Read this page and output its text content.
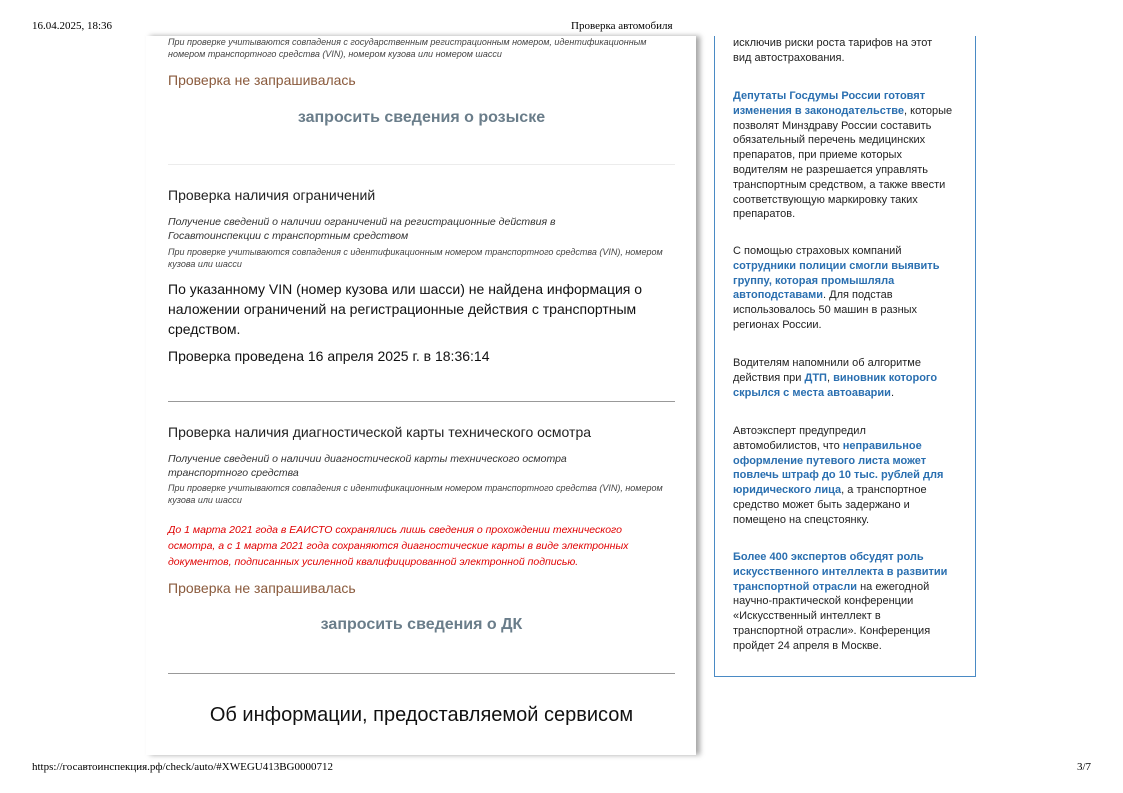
16.04.2025, 18:36	Проверка автомобиля
При проверке учитываются совпадения с государственным регистрационным номером, идентификационным
номером транспортного средства (VIN), номером кузова или номером шасси
Проверка не запрашивалась
запросить сведения о розыске
Проверка наличия ограничений
Получение сведений о наличии ограничений на регистрационные действия в
Госавтоинспекции с транспортным средством
При проверке учитываются совпадения с идентификационным номером транспортного средства (VIN), номером
кузова или шасси
По указанному VIN (номер кузова или шасси) не найдена информация о
наложении ограничений на регистрационные действия с транспортным
средством.
Проверка проведена 16 апреля 2025 г. в 18:36:14
Проверка наличия диагностической карты технического осмотра
Получение сведений о наличии диагностической карты технического осмотра
транспортного средства
При проверке учитываются совпадения с идентификационным номером транспортного средства (VIN), номером
кузова или шасси
До 1 марта 2021 года в ЕАИСТО сохранялись лишь сведения о прохождении технического
осмотра, а с 1 марта 2021 года сохраняются диагностические карты в виде электронных
документов, подписанных усиленной квалифицированной электронной подписью.
Проверка не запрашивалась
запросить сведения о ДК
Об информации, предоставляемой сервисом

исключив риски роста тарифов на этот

вид автострахования.

Депутаты Госдумы России готовят

изменения в законодательстве, которые

позволят Минздраву России составить

обязательный перечень медицинских

препаратов, при приеме которых

водителям не разрешается управлять

транспортным средством, а также ввести

соответствующую маркировку таких

препаратов.

С помощью страховых компаний

сотрудники полиции смогли выявить

группу, которая промышляла

автоподставами. Для подстав

использовалось 50 машин в разных

регионах России.

Водителям напомнили об алгоритме

действия при ДТП, виновник которого

скрылся с места автоаварии.

Автоэксперт предупредил

автомобилистов, что неправильное

оформление путевого листа может

повлечь штраф до 10 тыс. рублей для

юридического лица, а транспортное

средство может быть задержано и

помещено на спецстоянку.

Более 400 экспертов обсудят роль

искусственного интеллекта в развитии

транспортной отрасли на ежегодной

научно-практической конференции

«Искусственный интеллект в

транспортной отрасли». Конференция

пройдет 24 апреля в Москве.

https://госавтоинспекция.рф/check/auto/#XWEGU413BG0000712	3/7
